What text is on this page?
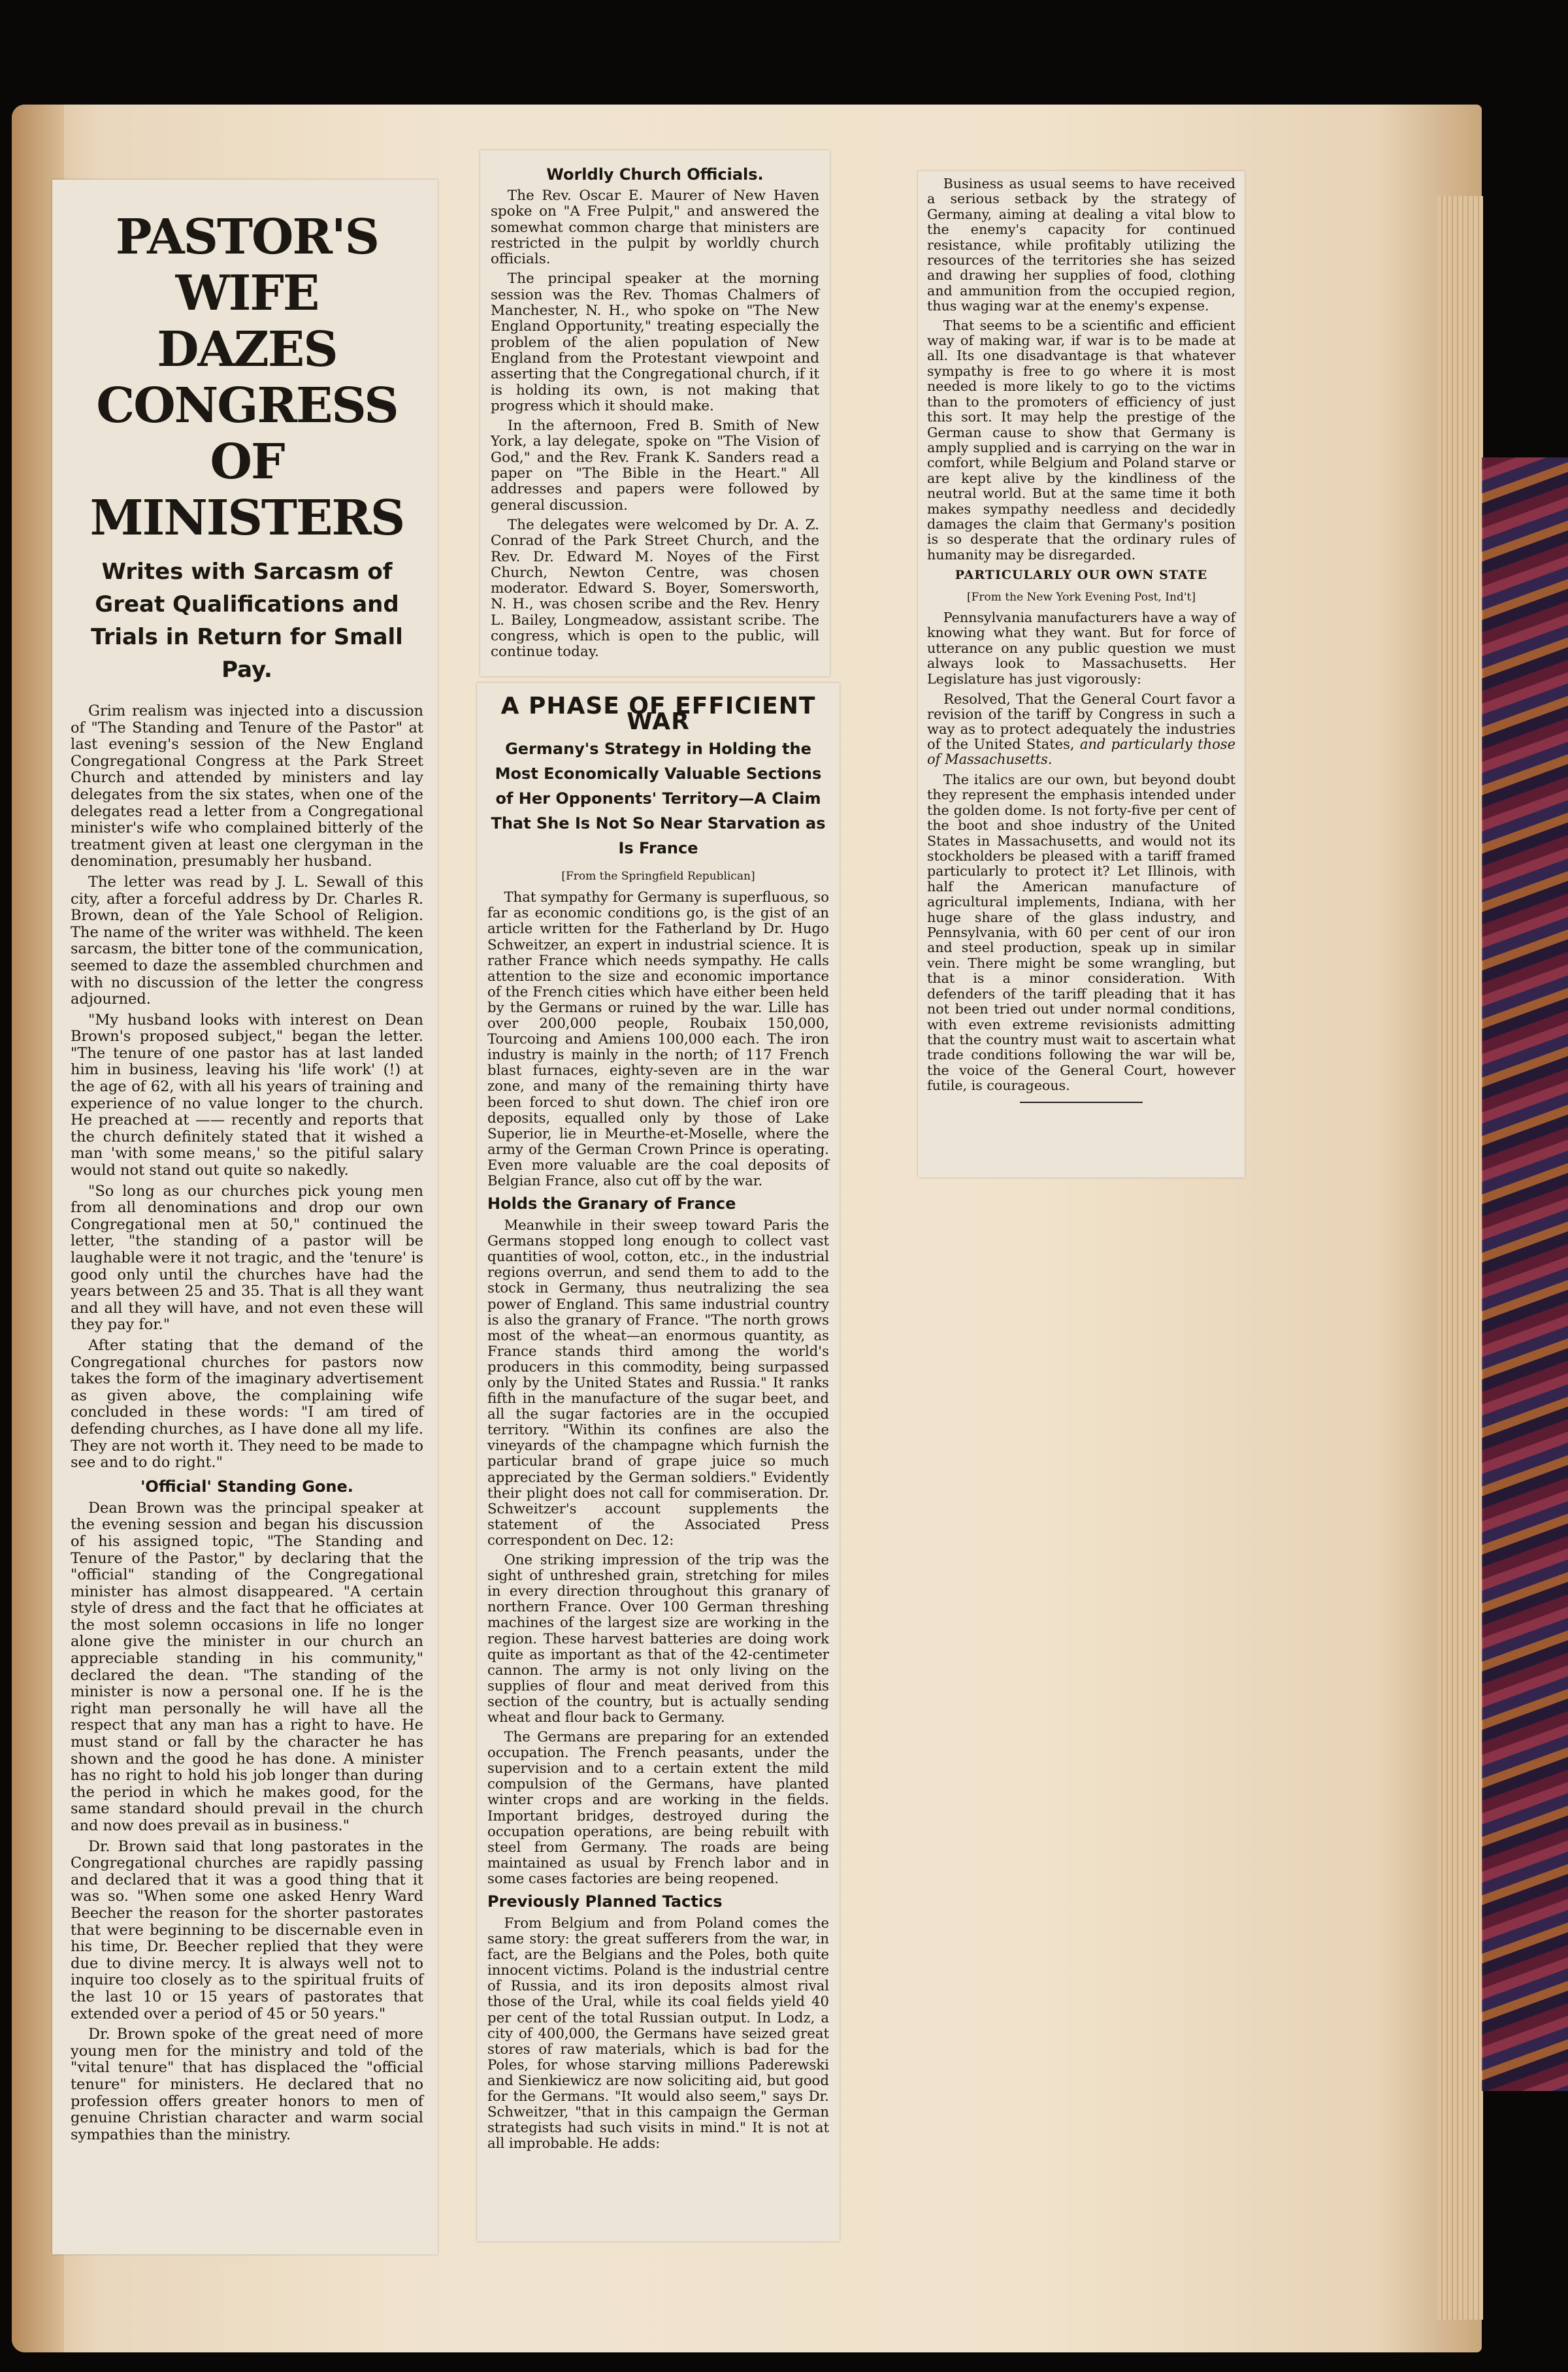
PASTOR'S WIFE
DAZES CONGRESS
OF MINISTERS
Writes with Sarcasm of Great Qualifications and Trials in Return for Small Pay.

Grim realism was injected into a discussion of "The Standing and Tenure of the Pastor" at last evening's session of the New England Congregational Congress at the Park Street Church and attended by ministers and lay delegates from the six states, when one of the delegates read a letter from a Congregational minister's wife who complained bitterly of the treatment given at least one clergyman in the denomination, presumably her husband.

The letter was read by J. L. Sewall of this city, after a forceful address by Dr. Charles R. Brown, dean of the Yale School of Religion. The name of the writer was withheld. The keen sarcasm, the bitter tone of the communication, seemed to daze the assembled churchmen and with no discussion of the letter the congress adjourned.

"My husband looks with interest on Dean Brown's proposed subject," began the letter. "The tenure of one pastor has at last landed him in business, leaving his 'life work' (!) at the age of 62, with all his years of training and experience of no value longer to the church. He preached at —— recently and reports that the church definitely stated that it wished a man 'with some means,' so the pitiful salary would not stand out quite so nakedly.

"So long as our churches pick young men from all denominations and drop our own Congregational men at 50," continued the letter, "the standing of a pastor will be laughable were it not tragic, and the 'tenure' is good only until the churches have had the years between 25 and 35. That is all they want and all they will have, and not even these will they pay for."

After stating that the demand of the Congregational churches for pastors now takes the form of the imaginary advertisement as given above, the complaining wife concluded in these words: "I am tired of defending churches, as I have done all my life. They are not worth it. They need to be made to see and to do right."

'Official' Standing Gone.

Dean Brown was the principal speaker at the evening session and began his discussion of his assigned topic, "The Standing and Tenure of the Pastor," by declaring that the "official" standing of the Congregational minister has almost disappeared. "A certain style of dress and the fact that he officiates at the most solemn occasions in life no longer alone give the minister in our church an appreciable standing in his community," declared the dean. "The standing of the minister is now a personal one. If he is the right man personally he will have all the respect that any man has a right to have. He must stand or fall by the character he has shown and the good he has done. A minister has no right to hold his job longer than during the period in which he makes good, for the same standard should prevail in the church and now does prevail as in business."

Dr. Brown said that long pastorates in the Congregational churches are rapidly passing and declared that it was a good thing that it was so. "When some one asked Henry Ward Beecher the reason for the shorter pastorates that were beginning to be discernable even in his time, Dr. Beecher replied that they were due to divine mercy. It is always well not to inquire too closely as to the spiritual fruits of the last 10 or 15 years of pastorates that extended over a period of 45 or 50 years."

Dr. Brown spoke of the great need of more young men for the ministry and told of the "vital tenure" that has displaced the "official tenure" for ministers. He declared that no profession offers greater honors to men of genuine Christian character and warm social sympathies than the ministry.

Worldly Church Officials.

The Rev. Oscar E. Maurer of New Haven spoke on "A Free Pulpit," and answered the somewhat common charge that ministers are restricted in the pulpit by worldly church officials.

The principal speaker at the morning session was the Rev. Thomas Chalmers of Manchester, N. H., who spoke on "The New England Opportunity," treating especially the problem of the alien population of New England from the Protestant viewpoint and asserting that the Congregational church, if it is holding its own, is not making that progress which it should make.

In the afternoon, Fred B. Smith of New York, a lay delegate, spoke on "The Vision of God," and the Rev. Frank K. Sanders read a paper on "The Bible in the Heart." All addresses and papers were followed by general discussion.

The delegates were welcomed by Dr. A. Z. Conrad of the Park Street Church, and the Rev. Dr. Edward M. Noyes of the First Church, Newton Centre, was chosen moderator. Edward S. Boyer, Somersworth, N. H., was chosen scribe and the Rev. Henry L. Bailey, Longmeadow, assistant scribe. The congress, which is open to the public, will continue today.

A PHASE OF EFFICIENT WAR
Germany's Strategy in Holding the Most Economically Valuable Sections of Her Opponents' Territory—A Claim That She Is Not So Near Starvation as Is France
[From the Springfield Republican]

That sympathy for Germany is superfluous, so far as economic conditions go, is the gist of an article written for the Fatherland by Dr. Hugo Schweitzer, an expert in industrial science. It is rather France which needs sympathy. He calls attention to the size and economic importance of the French cities which have either been held by the Germans or ruined by the war. Lille has over 200,000 people, Roubaix 150,000, Tourcoing and Amiens 100,000 each. The iron industry is mainly in the north; of 117 French blast furnaces, eighty-seven are in the war zone, and many of the remaining thirty have been forced to shut down. The chief iron ore deposits, equalled only by those of Lake Superior, lie in Meurthe-et-Moselle, where the army of the German Crown Prince is operating. Even more valuable are the coal deposits of Belgian France, also cut off by the war.

Holds the Granary of France

Meanwhile in their sweep toward Paris the Germans stopped long enough to collect vast quantities of wool, cotton, etc., in the industrial regions overrun, and send them to add to the stock in Germany, thus neutralizing the sea power of England. This same industrial country is also the granary of France. "The north grows most of the wheat—an enormous quantity, as France stands third among the world's producers in this commodity, being surpassed only by the United States and Russia." It ranks fifth in the manufacture of the sugar beet, and all the sugar factories are in the occupied territory. "Within its confines are also the vineyards of the champagne which furnish the particular brand of grape juice so much appreciated by the German soldiers." Evidently their plight does not call for commiseration. Dr. Schweitzer's account supplements the statement of the Associated Press correspondent on Dec. 12:

One striking impression of the trip was the sight of unthreshed grain, stretching for miles in every direction throughout this granary of northern France. Over 100 German threshing machines of the largest size are working in the region. These harvest batteries are doing work quite as important as that of the 42-centimeter cannon. The army is not only living on the supplies of flour and meat derived from this section of the country, but is actually sending wheat and flour back to Germany.

The Germans are preparing for an extended occupation. The French peasants, under the supervision and to a certain extent the mild compulsion of the Germans, have planted winter crops and are working in the fields. Important bridges, destroyed during the occupation operations, are being rebuilt with steel from Germany. The roads are being maintained as usual by French labor and in some cases factories are being reopened.

Previously Planned Tactics

From Belgium and from Poland comes the same story: the great sufferers from the war, in fact, are the Belgians and the Poles, both quite innocent victims. Poland is the industrial centre of Russia, and its iron deposits almost rival those of the Ural, while its coal fields yield 40 per cent of the total Russian output. In Lodz, a city of 400,000, the Germans have seized great stores of raw materials, which is bad for the Poles, for whose starving millions Paderewski and Sienkiewicz are now soliciting aid, but good for the Germans. "It would also seem," says Dr. Schweitzer, "that in this campaign the German strategists had such visits in mind." It is not at all improbable. He adds:

Business as usual seems to have received a serious setback by the strategy of Germany, aiming at dealing a vital blow to the enemy's capacity for continued resistance, while profitably utilizing the resources of the territories she has seized and drawing her supplies of food, clothing and ammunition from the occupied region, thus waging war at the enemy's expense.

That seems to be a scientific and efficient way of making war, if war is to be made at all. Its one disadvantage is that whatever sympathy is free to go where it is most needed is more likely to go to the victims than to the promoters of efficiency of just this sort. It may help the prestige of the German cause to show that Germany is amply supplied and is carrying on the war in comfort, while Belgium and Poland starve or are kept alive by the kindliness of the neutral world. But at the same time it both makes sympathy needless and decidedly damages the claim that Germany's position is so desperate that the ordinary rules of humanity may be disregarded.

PARTICULARLY OUR OWN STATE
[From the New York Evening Post, Ind't]

Pennsylvania manufacturers have a way of knowing what they want. But for force of utterance on any public question we must always look to Massachusetts. Her Legislature has just vigorously:

Resolved, That the General Court favor a revision of the tariff by Congress in such a way as to protect adequately the industries of the United States, and particularly those of Massachusetts.

The italics are our own, but beyond doubt they represent the emphasis intended under the golden dome. Is not forty-five per cent of the boot and shoe industry of the United States in Massachusetts, and would not its stockholders be pleased with a tariff framed particularly to protect it? Let Illinois, with half the American manufacture of agricultural implements, Indiana, with her huge share of the glass industry, and Pennsylvania, with 60 per cent of our iron and steel production, speak up in similar vein. There might be some wrangling, but that is a minor consideration. With defenders of the tariff pleading that it has not been tried out under normal conditions, with even extreme revisionists admitting that the country must wait to ascertain what trade conditions following the war will be, the voice of the General Court, however futile, is courageous.
